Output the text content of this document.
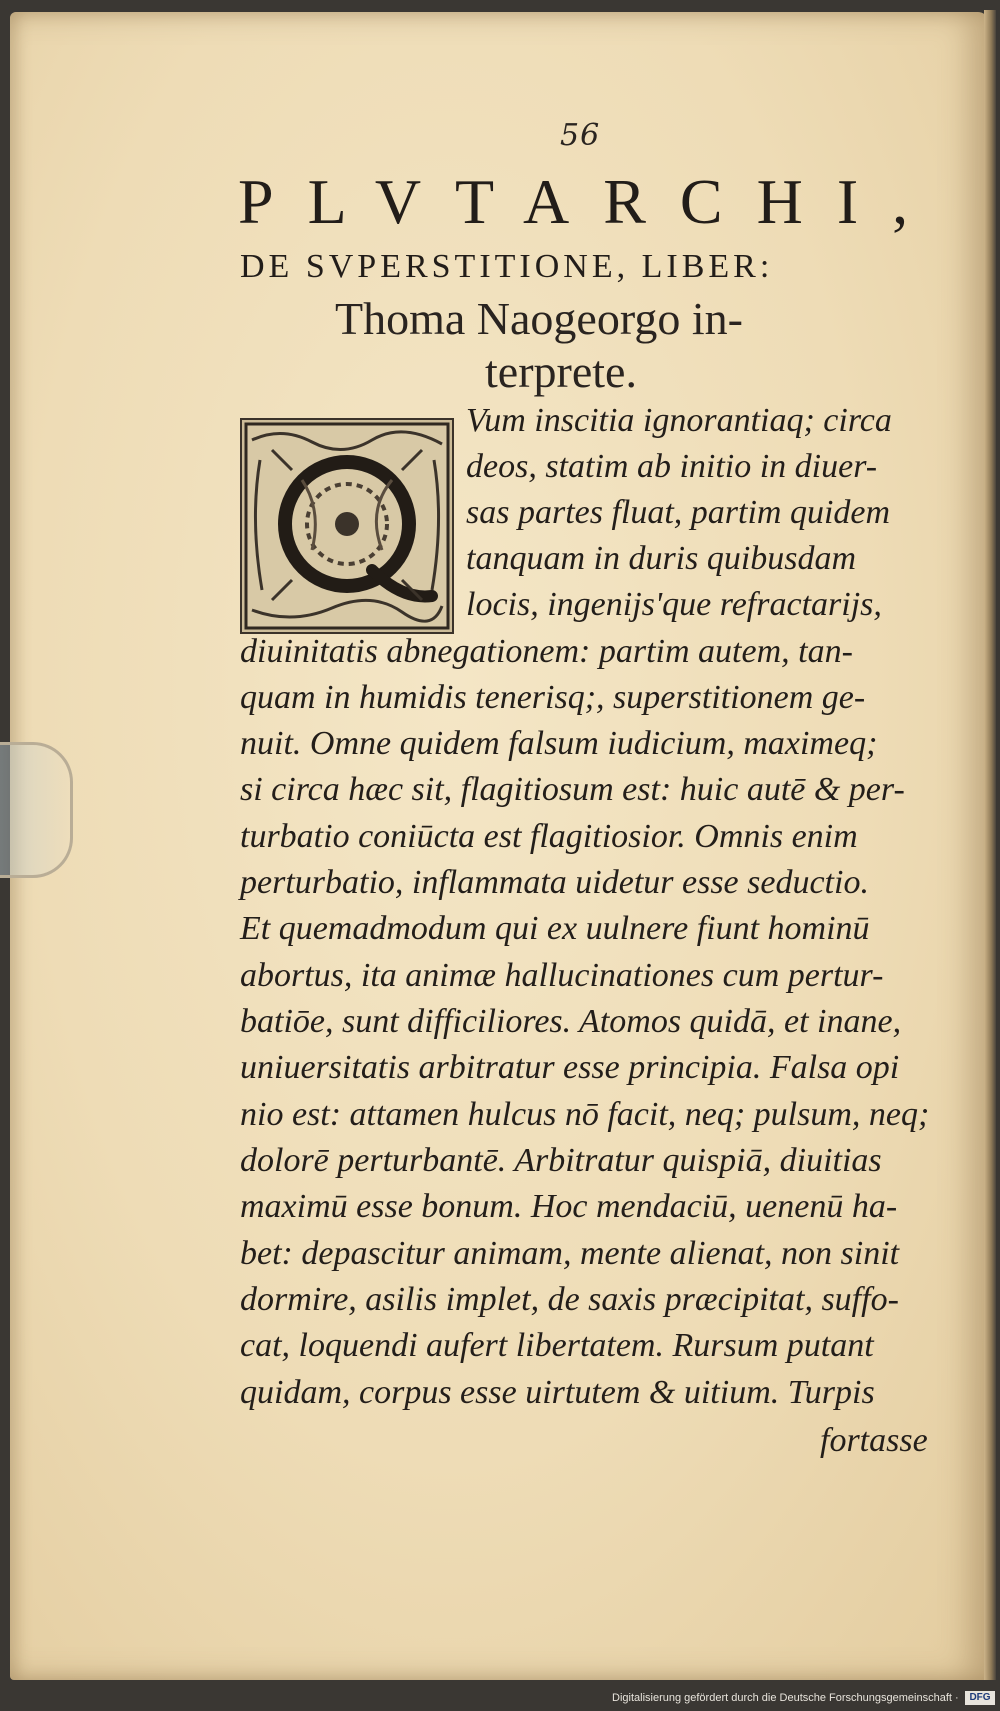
56
PLVTARCHI,
DE SVPERSTITIONE, LIBER:
Thoma Naogeorgo in-
terprete.
Vum inscitia ignorantiaq; circa
deos, statim ab initio in diuer-
sas partes fluat, partim quidem
tanquam in duris quibusdam
locis, ingenijs'que refractarijs,
diuinitatis abnegationem: partim autem, tan-
quam in humidis tenerisq;, superstitionem ge-
nuit. Omne quidem falsum iudicium, maximeq;
si circa hæc sit, flagitiosum est: huic autē & per-
turbatio coniūcta est flagitiosior. Omnis enim
perturbatio, inflammata uidetur esse seductio.
Et quemadmodum qui ex uulnere fiunt hominū
abortus, ita animæ hallucinationes cum pertur-
batiōe, sunt difficiliores. Atomos quidā, et inane,
uniuersitatis arbitratur esse principia. Falsa opi
nio est: attamen hulcus nō facit, neq; pulsum, neq;
dolorē perturbantē. Arbitratur quispiā, diuitias
maximū esse bonum. Hoc mendaciū, uenenū ha-
bet: depascitur animam, mente alienat, non sinit
dormire, asilis implet, de saxis præcipitat, suffo-
cat, loquendi aufert libertatem. Rursum putant
quidam, corpus esse uirtutem & uitium. Turpis
fortasse
Digitalisierung gefördert durch die Deutsche Forschungsgemeinschaft ·	DFG
